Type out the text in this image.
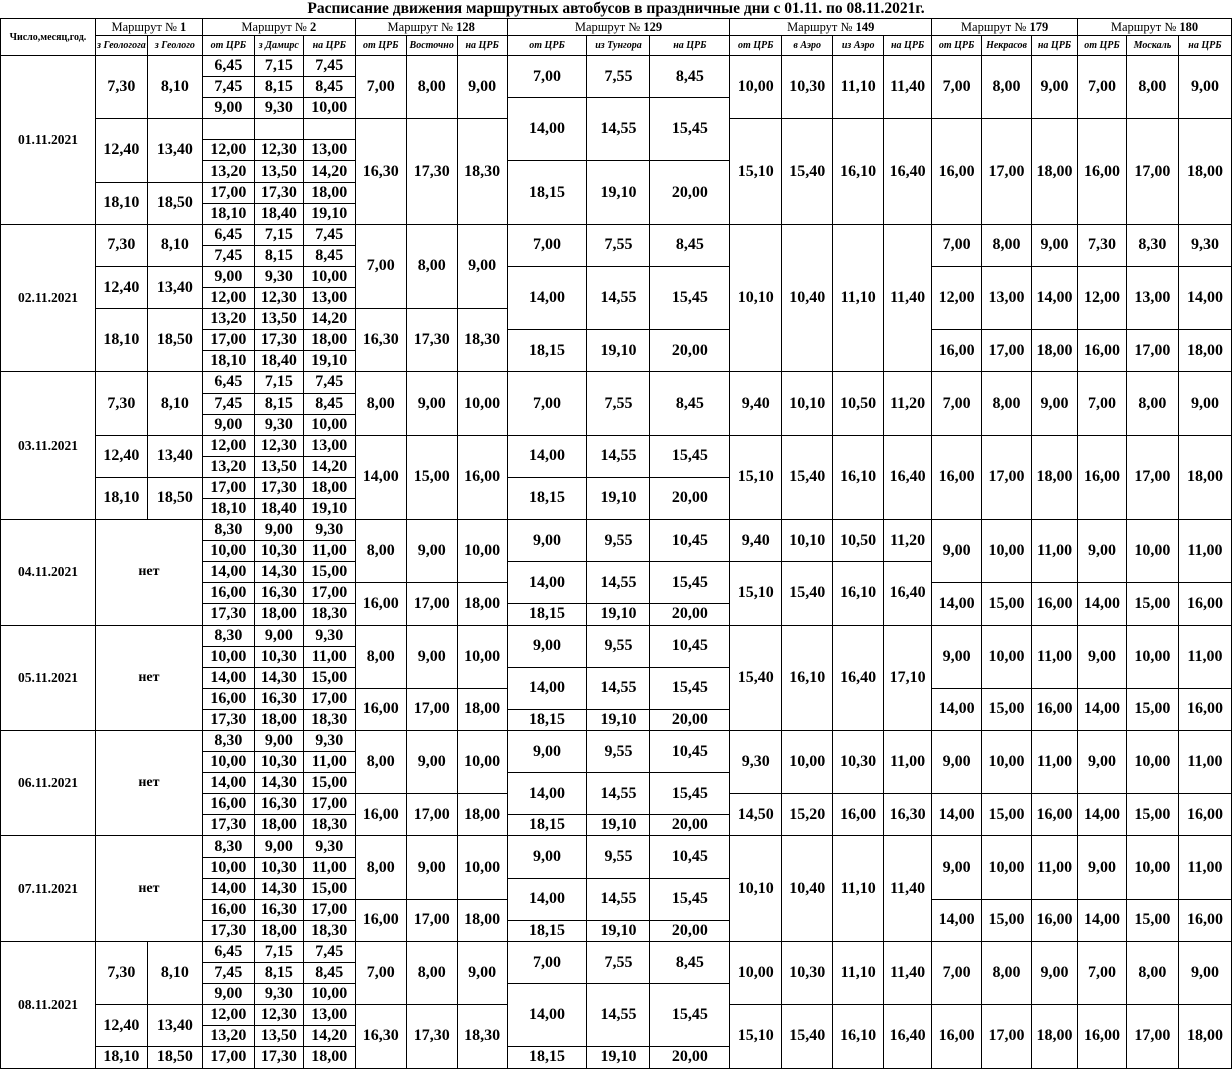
Расписание движения маршрутных автобусов в праздничные дни с 01.11. по 08.11.2021г.
Число,месяц,год.	Маршрут № 1		Маршрут № 2			Маршрут № 128			Маршрут № 129			Маршрут № 149				Маршрут № 179			Маршрут № 180		
	з Геологога	з Геолого	от ЦРБ	з Дамирс	на ЦРБ	от ЦРБ	Восточно	на ЦРБ	от ЦРБ	из Тунгора	на ЦРБ	от ЦРБ	в Аэро	из Аэро	на ЦРБ	от ЦРБ	Некрасов	на ЦРБ	от ЦРБ	Москаль	на ЦРБ
01.11.2021	7,30	8,10	6,45	7,15	7,45	7,00	8,00	9,00	7,00	7,55	8,45	10,00	10,30	11,10	11,40	7,00	8,00	9,00	7,00	8,00	9,00
			7,45	8,15	8,45																
			9,00	9,30	10,00				14,00	14,55	15,45										
	12,40	13,40				16,30	17,30	18,30				15,10	15,40	16,10	16,40	16,00	17,00	18,00	16,00	17,00	18,00
			12,00	12,30	13,00																
			13,20	13,50	14,20				18,15	19,10	20,00										
	18,10	18,50	17,00	17,30	18,00																
			18,10	18,40	19,10																
02.11.2021	7,30	8,10	6,45	7,15	7,45	7,00	8,00	9,00	7,00	7,55	8,45	10,10	10,40	11,10	11,40	7,00	8,00	9,00	7,30	8,30	9,30
			7,45	8,15	8,45																
	12,40	13,40	9,00	9,30	10,00				14,00	14,55	15,45					12,00	13,00	14,00	12,00	13,00	14,00
			12,00	12,30	13,00																
	18,10	18,50	13,20	13,50	14,20	16,30	17,30	18,30													
			17,00	17,30	18,00				18,15	19,10	20,00					16,00	17,00	18,00	16,00	17,00	18,00
			18,10	18,40	19,10																
03.11.2021	7,30	8,10	6,45	7,15	7,45	8,00	9,00	10,00	7,00	7,55	8,45	9,40	10,10	10,50	11,20	7,00	8,00	9,00	7,00	8,00	9,00
			7,45	8,15	8,45																
			9,00	9,30	10,00																
	12,40	13,40	12,00	12,30	13,00	14,00	15,00	16,00	14,00	14,55	15,45	15,10	15,40	16,10	16,40	16,00	17,00	18,00	16,00	17,00	18,00
			13,20	13,50	14,20																
	18,10	18,50	17,00	17,30	18,00				18,15	19,10	20,00										
			18,10	18,40	19,10																
04.11.2021	нет		8,30	9,00	9,30	8,00	9,00	10,00	9,00	9,55	10,45	9,40	10,10	10,50	11,20	9,00	10,00	11,00	9,00	10,00	11,00
			10,00	10,30	11,00																
			14,00	14,30	15,00				14,00	14,55	15,45	15,10	15,40	16,10	16,40						
			16,00	16,30	17,00	16,00	17,00	18,00								14,00	15,00	16,00	14,00	15,00	16,00
			17,30	18,00	18,30				18,15	19,10	20,00										
05.11.2021	нет		8,30	9,00	9,30	8,00	9,00	10,00	9,00	9,55	10,45	15,40	16,10	16,40	17,10	9,00	10,00	11,00	9,00	10,00	11,00
			10,00	10,30	11,00																
			14,00	14,30	15,00				14,00	14,55	15,45										
			16,00	16,30	17,00	16,00	17,00	18,00								14,00	15,00	16,00	14,00	15,00	16,00
			17,30	18,00	18,30				18,15	19,10	20,00										
06.11.2021	нет		8,30	9,00	9,30	8,00	9,00	10,00	9,00	9,55	10,45	9,30	10,00	10,30	11,00	9,00	10,00	11,00	9,00	10,00	11,00
			10,00	10,30	11,00																
			14,00	14,30	15,00				14,00	14,55	15,45										
			16,00	16,30	17,00	16,00	17,00	18,00				14,50	15,20	16,00	16,30	14,00	15,00	16,00	14,00	15,00	16,00
			17,30	18,00	18,30				18,15	19,10	20,00										
07.11.2021	нет		8,30	9,00	9,30	8,00	9,00	10,00	9,00	9,55	10,45	10,10	10,40	11,10	11,40	9,00	10,00	11,00	9,00	10,00	11,00
			10,00	10,30	11,00																
			14,00	14,30	15,00				14,00	14,55	15,45										
			16,00	16,30	17,00	16,00	17,00	18,00								14,00	15,00	16,00	14,00	15,00	16,00
			17,30	18,00	18,30				18,15	19,10	20,00										
08.11.2021	7,30	8,10	6,45	7,15	7,45	7,00	8,00	9,00	7,00	7,55	8,45	10,00	10,30	11,10	11,40	7,00	8,00	9,00	7,00	8,00	9,00
			7,45	8,15	8,45																
			9,00	9,30	10,00				14,00	14,55	15,45										
	12,40	13,40	12,00	12,30	13,00	16,30	17,30	18,30				15,10	15,40	16,10	16,40	16,00	17,00	18,00	16,00	17,00	18,00
			13,20	13,50	14,20																
	18,10	18,50	17,00	17,30	18,00				18,15	19,10	20,00										
